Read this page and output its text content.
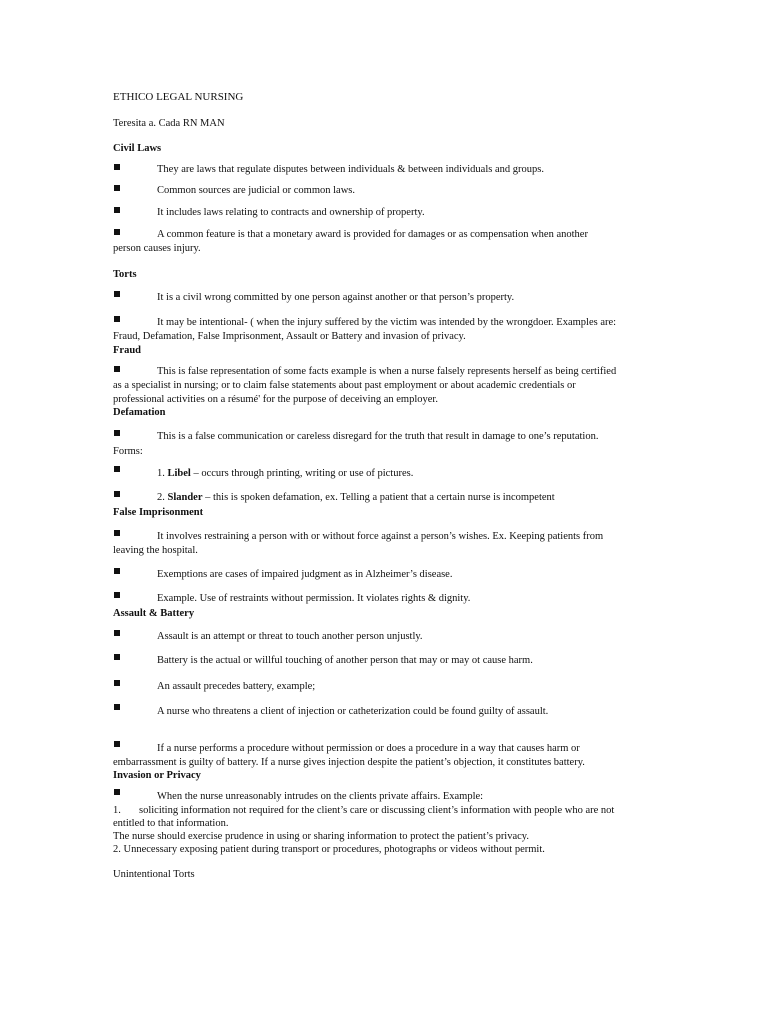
ETHICO LEGAL NURSING

Teresita a. Cada RN MAN

Civil Laws

They are laws that regulate disputes between individuals & between individuals and groups.

Common sources are judicial or common laws.

It includes laws relating to contracts and ownership of property.

A common feature is that a monetary award is provided for damages or as compensation when another

person causes injury.

Torts

It is a civil wrong committed by one person against another or that person’s property.

It may be intentional- ( when the injury suffered by the victim was intended by the wrongdoer. Examples are:

Fraud, Defamation, False Imprisonment, Assault or Battery and invasion of privacy.

Fraud

This is false representation of some facts example is when a nurse falsely represents herself as being certified

as a specialist in nursing; or to claim false statements about past employment or about academic credentials or

professional activities on a résumé' for the purpose of deceiving an employer.

Defamation

This is a false communication or careless disregard for the truth that result in damage to one’s reputation.

Forms:

1. Libel – occurs through printing, writing or use of pictures.

2. Slander – this is spoken defamation, ex. Telling a patient that a certain nurse is incompetent

False Imprisonment

It involves restraining a person with or without force against a person’s wishes. Ex. Keeping patients from

leaving the hospital.

Exemptions are cases of impaired judgment as in Alzheimer’s disease.

Example. Use of restraints without permission. It violates rights & dignity.

Assault & Battery

Assault is an attempt or threat to touch another person unjustly.

Battery is the actual or willful touching of another person that may or may ot cause harm.

An assault precedes battery, example;

A nurse who threatens a client of injection or catheterization could be found guilty of assault.

If a nurse performs a procedure without permission or does a procedure in a way that causes harm or

embarrassment is guilty of battery. If a nurse gives injection despite the patient’s objection, it constitutes battery.

Invasion or Privacy

When the nurse unreasonably intrudes on the clients private affairs. Example:

1. soliciting information not required for the client’s care or discussing client’s information with people who are not

entitled to that information.

The nurse should exercise prudence in using or sharing information to protect the patient’s privacy.

2. Unnecessary exposing patient during transport or procedures, photographs or videos without permit.

Unintentional Torts
